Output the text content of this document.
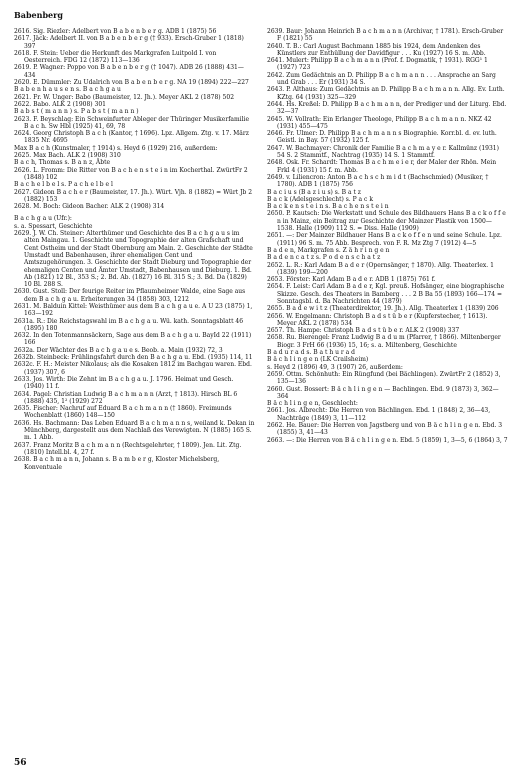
Babenberg

2616. Sig. Riezler: Adelbert von B a b e n b e r g. ADB 1 (1875) 56

2617. Jäck: Adelbert II. von B a b e n b e r g († 933). Ersch-Gruber 1 (1818) 397

2618. F. Stein: Ueber die Herkunft des Markgrafen Luitpold I. von Oesterreich. FDG 12 (1872) 113—136

2619. P. Wagner: Poppo von B a b e n b e r g († 1047). ADB 26 (1888) 431—434

2620. E. Dümmler: Zu Udalrich von B a b e n b e r g. NA 19 (1894) 222—227

B a b e n h a u s e n s. B a c h g a u

2621. Fr. W. Unger: Babo (Baumeister, 12. Jh.). Meyer AKL 2 (1878) 502

2622. Babo. ALK 2 (1908) 301

B a b s t ( m a n n ) s. P a b s t ( m a n n )

2623. F. Beyschlag: Ein Schweinfurter Ableger der Thüringer Musikerfamilie B a c h. Sw Hbl (1925) 41, 69, 78

2624. Georg Christoph B a c h (Kantor, † 1696). Lpz. Allgem. Ztg. v. 17. März 1835 Nr. 4695

Max B a c h (Kunstmaler, † 1914) s. Heyd 6 (1929) 216, außerdem:

2625. Max Bach. ALK 2 (1908) 310

B a c h, Thomas s. B a n z, Äbte

2626. L. Fromm: Die Ritter von B a c h e n s t e i n im Kocherthal. ZwürtFr 2 (1848) 102

B a c h e l b e l s. P a c h e l b e l

2627. Gideon B a c h e r (Baumeister, 17. Jh.). Würt. Vjh. 8 (1882) = Würt Jb 2 (1882) 153

2628. M. Boch: Gideon Bacher. ALK 2 (1908) 314

B a c h g a u (Ufr.):

s. a. Spessart, Geschichte

2629. J. W. Ch. Steiner: Alterthümer und Geschichte des B a c h g a u s im alten Maingau. 1. Geschichte und Topographie der alten Grafschaft und Cent Ostheim und der Stadt Obernburg am Main. 2. Geschichte der Städte Umstadt und Babenhausen, ihrer ehemaligen Cent und Amtszugehörungen. 3. Geschichte der Stadt Dieburg und Topographie der ehemaligen Centen und Ämter Umstadt, Babenhausen und Dieburg. 1. Bd. Ab (1821) 12 Bl., 353 S.; 2. Bd. Ab. (1827) 16 Bl. 315 S.; 3. Bd. Da (1829) 10 Bl. 288 S.

2630. Gust. Stoll: Der feurige Reiter im Pflaumheimer Walde, eine Sage aus dem B a c h g a u. Erheiterungen 34 (1858) 303, 1212

2631. M. Balduin Kittel: Weisthümer aus dem B a c h g a u e. A U 23 (1875) 1, 163—192

2631a. R.: Die Reichstagswahl im B a c h g a u. Wü. kath. Sonntagsblatt 46 (1895) 180

2632. In den Totenmannsäckern, Sage aus dem B a c h g a u. BayId 22 (1911) 166

2632a. Der Wächter des B a c h g a u e s. Beob. a. Main (1932) 72, 3

2632b. Steinbeck: Frühlingsfahrt durch den B a c h g a u. Ebd. (1935) 114, 11

2632c. F. H.: Meister Nikolaus; als die Kosaken 1812 im Bachgau waren. Ebd. (1937) 307, 6

2633. Jos. Wirth: Die Zehnt im B a c h g a u. J. 1796. Heimat und Gesch. (1940) 11 f.

2634. Pagel: Christian Ludwig B a c h m a n n (Arzt, † 1813). Hirsch BL 6 (1888) 435, 1² (1929) 272

2635. Fischer: Nachruf auf Eduard B a c h m a n n († 1860). Freimunds Wochenblatt (1860) 148—150

2636. Hs. Bachmann: Das Leben Eduard B a c h m a n n s, weiland k. Dekan in Münchberg, dargestellt aus dem Nachlaß des Verewigten. N (1885) 165 S. m. 1 Abb.

2637. Franz Moritz B a c h m a n n (Rechtsgelehrter, † 1809). Jen. Lit. Ztg. (1810) Intell.bl. 4, 27 f.

2638. B a c h m a n n, Johann s. B a m b e r g, Kloster Michelsberg, Konventuale

2639. Baur: Johann Heinrich B a c h m a n n (Archivar, † 1781). Ersch-Gruber F (1821) 55

2640. T. B.: Carl August Bachmann 1885 bis 1924, dem Andenken des Künstlers zur Enthüllung der Davidfigur . . . Ku (1927) 16 S. m. Abb.

2641. Mulert: Philipp B a c h m a n n (Prof. f. Dogmatik, † 1931). RGG¹ 1 (1927) 723

2642. Zum Gedächtnis an D. Philipp B a c h m a n n . . . Ansprache an Sarg und Grab . . . Er (1931) 34 S.

2643. P. Althaus: Zum Gedächtnis an D. Philipp B a c h m a n n. Allg. Ev. Luth. KZtg. 64 (1931) 325—329

2644. Hs. Kreßel: D. Philipp B a c h m a n n, der Prediger und der Liturg. Ebd. 32—37

2645. W. Vollrath: Ein Erlanger Theologe, Philipp B a c h m a n n. NKZ 42 (1931) 455—475

2646. Fr. Ulmer: D. Philipp B a c h m a n n s Biographie. Korr.bl. d. ev. luth. Geistl. in Bay. 57 (1932) 125 f.

2647. W. Bachmayer: Chronik der Familie B a c h m a y e r. Kallmünz (1931) 54 S. 2 Stammtf., Nachtrag (1935) 14 S. 1 Stammtf.

2648. Osk. Fr. Schardt: Thomas B a c h m e i e r, der Maler der Rhön. Mein Frkl 4 (1931) 15 f. m. Abb.

2649. v. Liliencron: Anton B a c h s c h m i d t (Bachschmied) (Musiker, † 1780). ADB 1 (1875) 756

B a c i u s (B a z i u s) s. B a t z

B a c k (Adelsgeschlecht) s. P a c k

B a c k e n s t e i n s. B a c h e n s t e i n

2650. P. Kautsch: Die Werkstatt und Schule des Bildhauers Hans B a c k o f f e n in Mainz, ein Beitrag zur Geschichte der Mainzer Plastik von 1500—1538. Halle (1909) 112 S. = Diss. Halle (1909)

2651. —: Der Mainzer Bildhauer Hans B a c k o f f e n und seine Schule. Lpz. (1911) 96 S. m. 75 Abb. Besprech. von F. R. Mz Ztg 7 (1912) 4—5

B a d e n, Markgrafen s. Z ä h r i n g e n

B a d e n c a t z s. P o d e n s c h a t z

2652. L. R.: Karl Adam B a d e r (Opernsänger, † 1870). Allg. Theaterlex. 1 (1839) 199—200

2653. Förster: Karl Adam B a d e r. ADB 1 (1875) 761 f.

2654. F. Leist: Carl Adam B a d e r, Kgl. preuß. Hofsänger, eine biographische Skizze. Gesch. des Theaters in Bamberg . . . 2 B Ba 55 (1893) 166—174 = Sonntagsbl. d. Ba Nachrichten 44 (1879)

2655. B a d e w i t z (Theaterdirektor, 19. Jh.). Allg. Theaterlex 1 (1839) 206

2656. W. Engelmann: Christoph B a d s t ü b e r (Kupferstecher, † 1613). Meyer AKL 2 (1878) 534

2657. Th. Hampe: Christoph B a d s t ü b e r. ALK 2 (1908) 337

2658. Ru. Bierengel: Franz Ludwig B a d u m (Pfarrer, † 1866). Miltenberger Biogr. 3 FrH 66 (1936) 15, 16; s. a. Miltenberg, Geschichte

B a d u r a d s. B a t h u r a d

B ä c h l i n g e n (LK Crailsheim)

s. Heyd 2 (1896) 49, 3 (1907) 26, außerdem:

2659. Ottm. Schönhuth: Ein Rüngfund (bei Bächlingen). ZwürtFr 2 (1852) 3, 135—136

2660. Gust. Bossert: B ä c h l i n g e n — Bachlingen. Ebd. 9 (1873) 3, 362—364

B ä c h l i n g e n, Geschlecht:

2661. Jos. Albrecht: Die Herren von Bächlingen. Ebd. 1 (1848) 2, 36—43, Nachträge (1849) 3, 11—112

2662. He. Bauer: Die Herren von Jagstberg und von B ä c h l i n g e n. Ebd. 3 (1855) 3, 41—43

2663. —: Die Herren von B ä c h l i n g e n. Ebd. 5 (1859) 1, 3—5, 6 (1864) 3, 7

56
